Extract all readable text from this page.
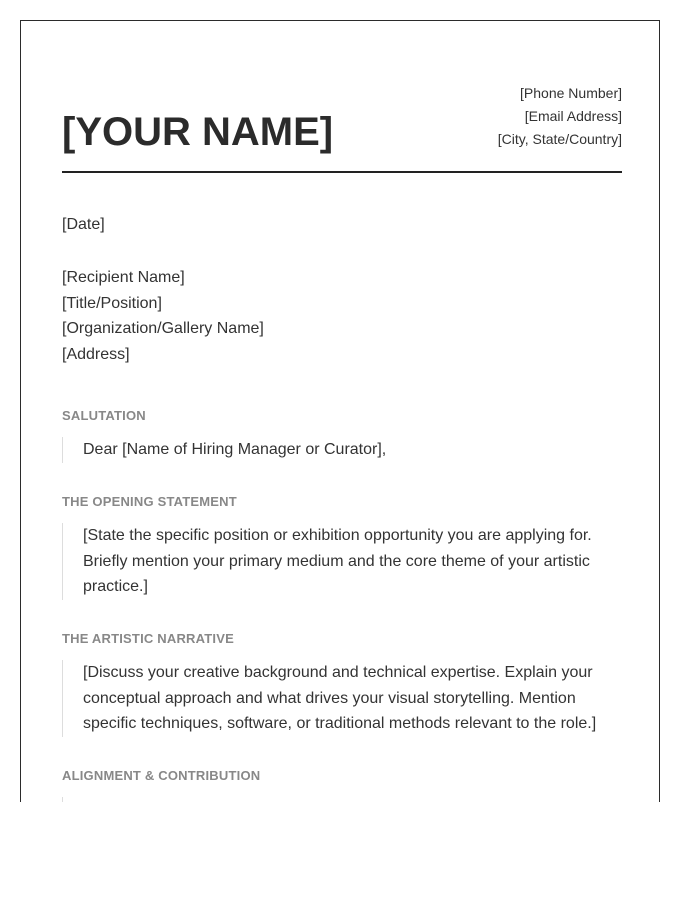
[YOUR NAME]
[Phone Number]
[Email Address]
[City, State/Country]
[Date]
[Recipient Name]
[Title/Position]
[Organization/Gallery Name]
[Address]
SALUTATION

Dear [Name of Hiring Manager or Curator],

THE OPENING STATEMENT

[State the specific position or exhibition opportunity you are applying for. Briefly mention your primary medium and the core theme of your artistic practice.]

THE ARTISTIC NARRATIVE

[Discuss your creative background and technical expertise. Explain your conceptual approach and what drives your visual storytelling. Mention specific techniques, software, or traditional methods relevant to the role.]

ALIGNMENT & CONTRIBUTION
